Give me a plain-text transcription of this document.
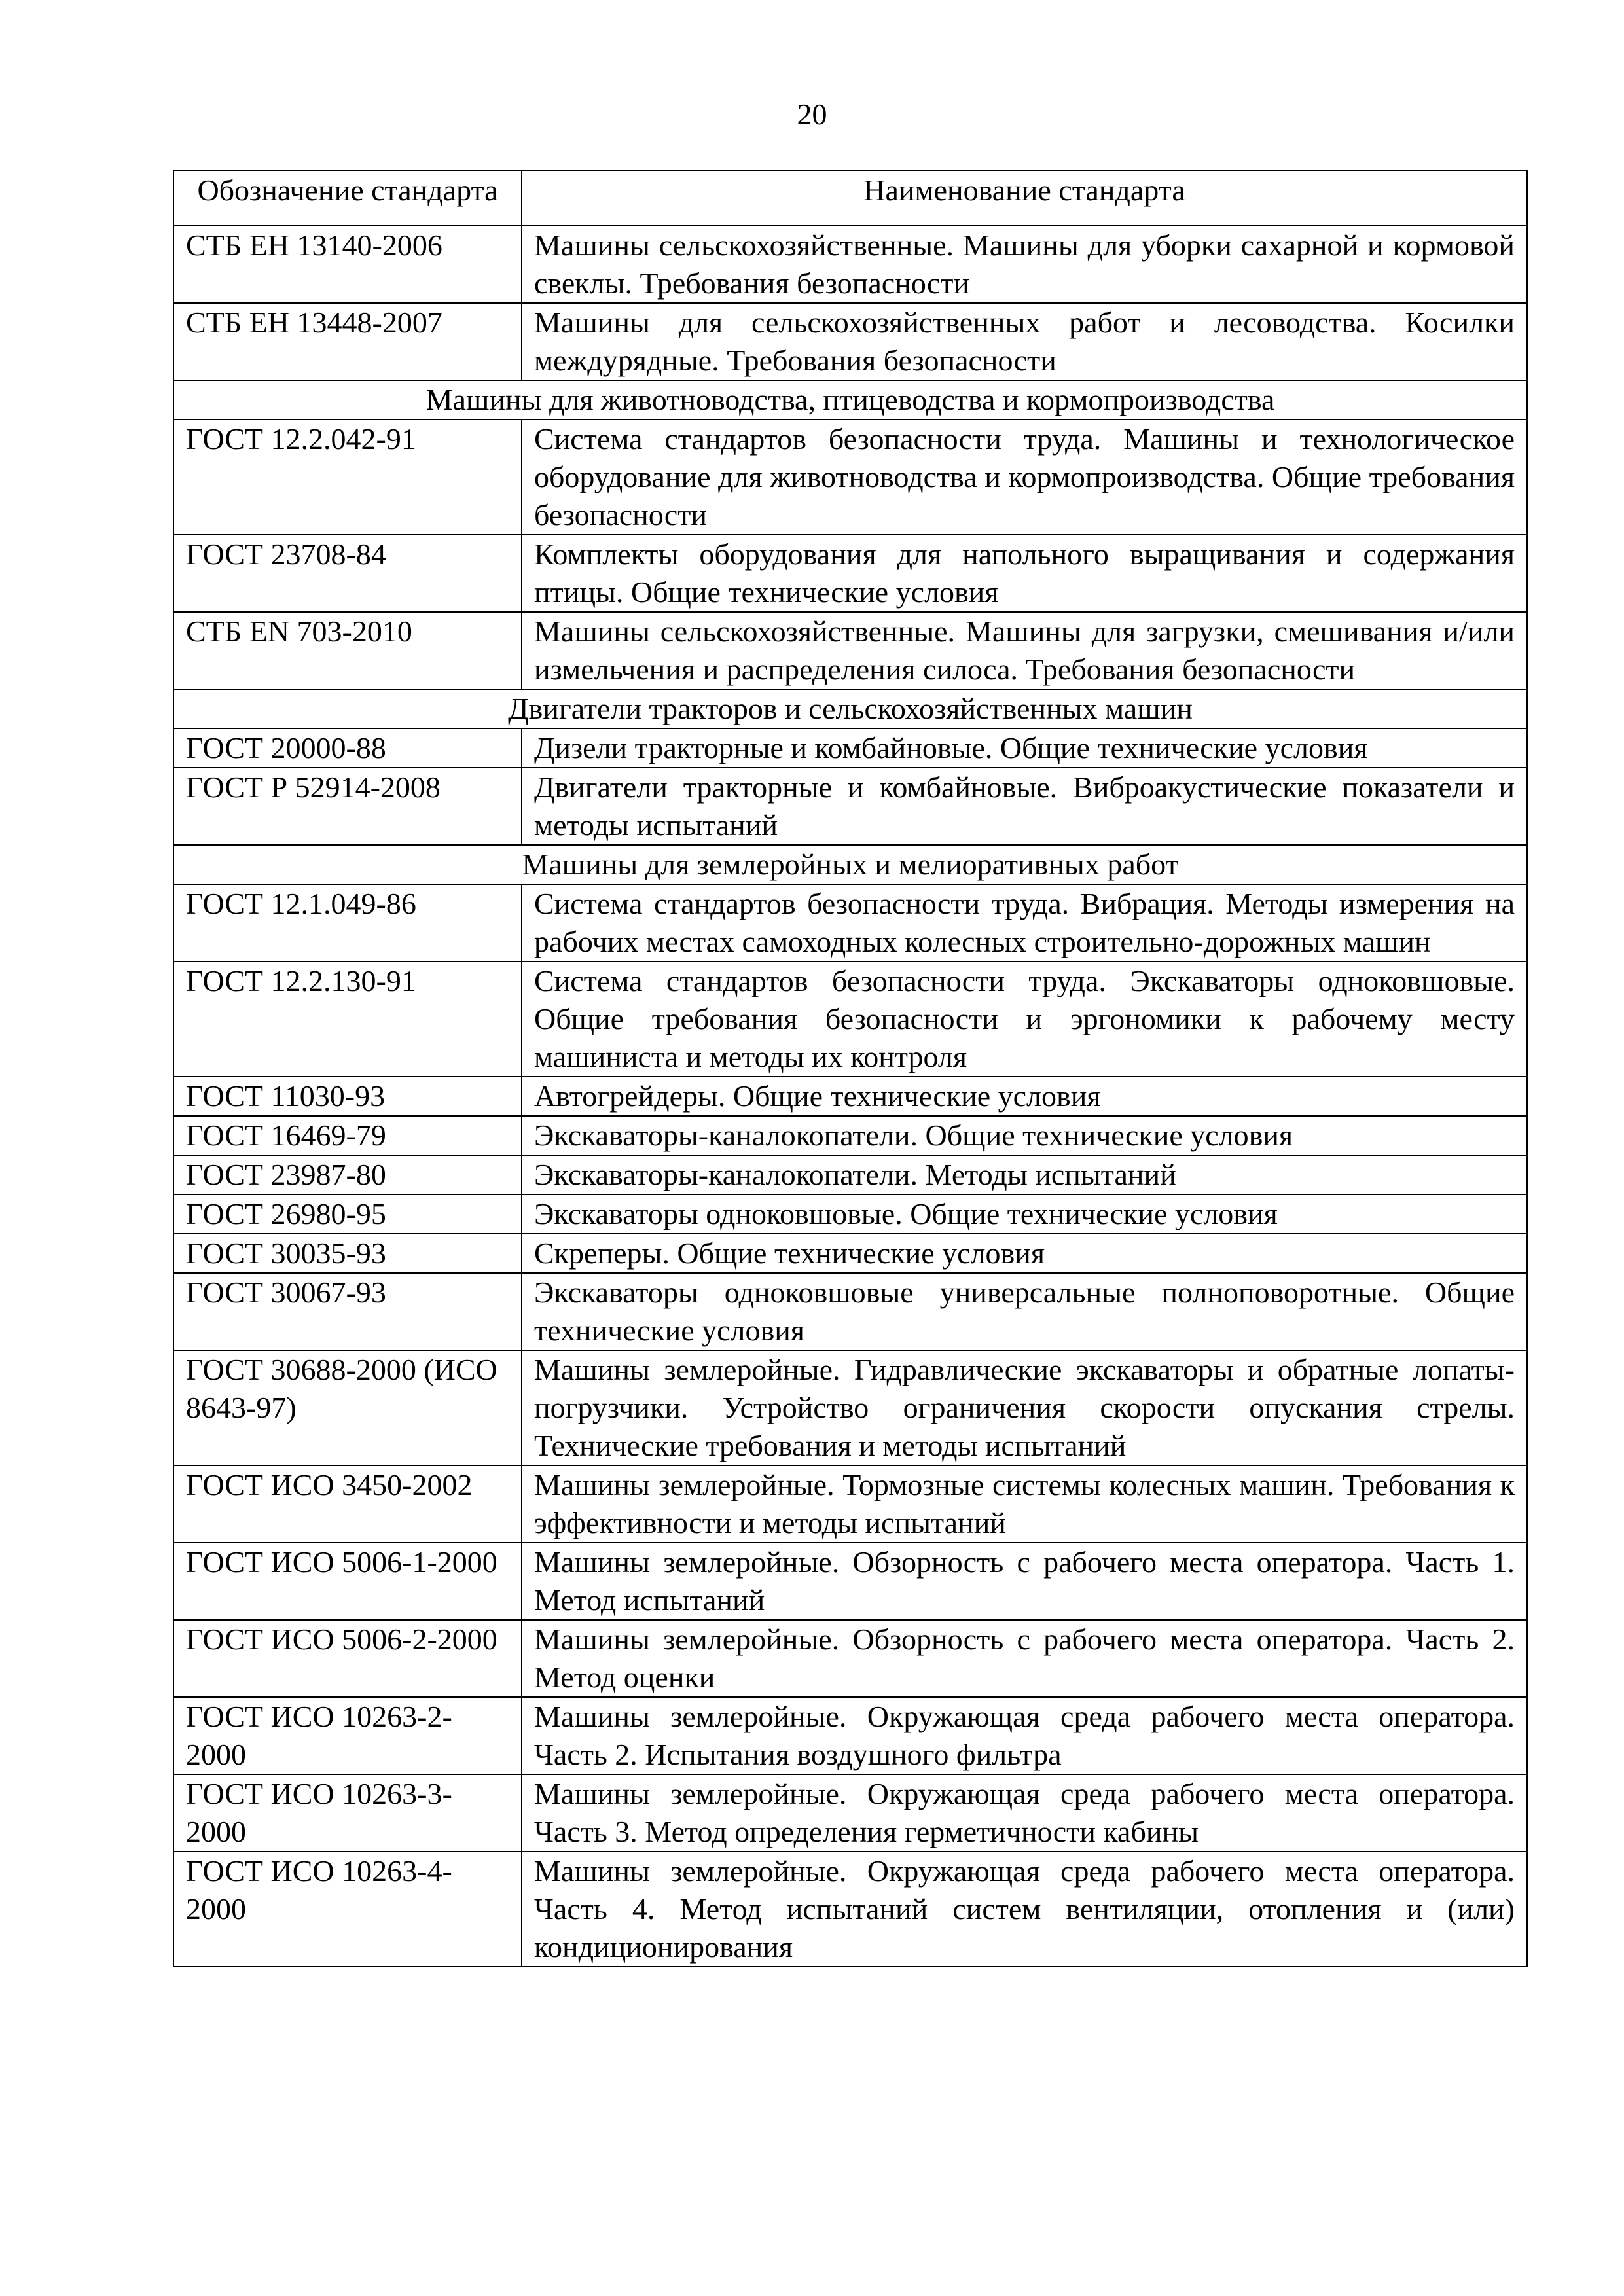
20
Обозначение стандарта	Наименование стандарта
СТБ ЕН 13140-2006	Машины сельскохозяйственные. Машины для уборки сахарной и кормовой свеклы. Требования безопасности
СТБ ЕН 13448-2007	Машины для сельскохозяйственных работ и лесоводства. Косилки междурядные. Требования безопасности
Машины для животноводства, птицеводства и кормопроизводства	
ГОСТ 12.2.042-91	Система стандартов безопасности труда. Машины и технологическое оборудование для животноводства и кормопроизводства. Общие требования безопасности
ГОСТ 23708-84	Комплекты оборудования для напольного выращивания и содержания птицы. Общие технические условия
СТБ EN 703-2010	Машины сельскохозяйственные. Машины для загрузки, смешивания и/или измельчения и распределения силоса. Требования безопасности
Двигатели тракторов и сельскохозяйственных машин	
ГОСТ 20000-88	Дизели тракторные и комбайновые. Общие технические условия
ГОСТ Р 52914-2008	Двигатели тракторные и комбайновые. Виброакустические показатели и методы испытаний
Машины для землеройных и мелиоративных работ	
ГОСТ 12.1.049-86	Система стандартов безопасности труда. Вибрация. Методы измерения на рабочих местах самоходных колесных строительно-дорожных машин
ГОСТ 12.2.130-91	Система стандартов безопасности труда. Экскаваторы одноковшовые. Общие требования безопасности и эргономики к рабочему месту машиниста и методы их контроля
ГОСТ 11030-93	Автогрейдеры. Общие технические условия
ГОСТ 16469-79	Экскаваторы-каналокопатели. Общие технические условия
ГОСТ 23987-80	Экскаваторы-каналокопатели. Методы испытаний
ГОСТ 26980-95	Экскаваторы одноковшовые. Общие технические условия
ГОСТ 30035-93	Скреперы. Общие технические условия
ГОСТ 30067-93	Экскаваторы одноковшовые универсальные полноповоротные. Общие технические условия
ГОСТ 30688-2000 (ИСО 8643-97)	Машины землеройные. Гидравлические экскаваторы и обратные лопаты-погрузчики. Устройство ограничения скорости опускания стрелы. Технические требования и методы испытаний
ГОСТ ИСО 3450-2002	Машины землеройные. Тормозные системы колесных машин. Требования к эффективности и методы испытаний
ГОСТ ИСО 5006-1-2000	Машины землеройные. Обзорность с рабочего места оператора. Часть 1. Метод испытаний
ГОСТ ИСО 5006-2-2000	Машины землеройные. Обзорность с рабочего места оператора. Часть 2. Метод оценки
ГОСТ ИСО 10263-2-2000	Машины землеройные. Окружающая среда рабочего места оператора. Часть 2. Испытания воздушного фильтра
ГОСТ ИСО 10263-3-2000	Машины землеройные. Окружающая среда рабочего места оператора. Часть 3. Метод определения герметичности кабины
ГОСТ ИСО 10263-4-2000	Машины землеройные. Окружающая среда рабочего места оператора. Часть 4. Метод испытаний систем вентиляции, отопления и (или) кондиционирования
